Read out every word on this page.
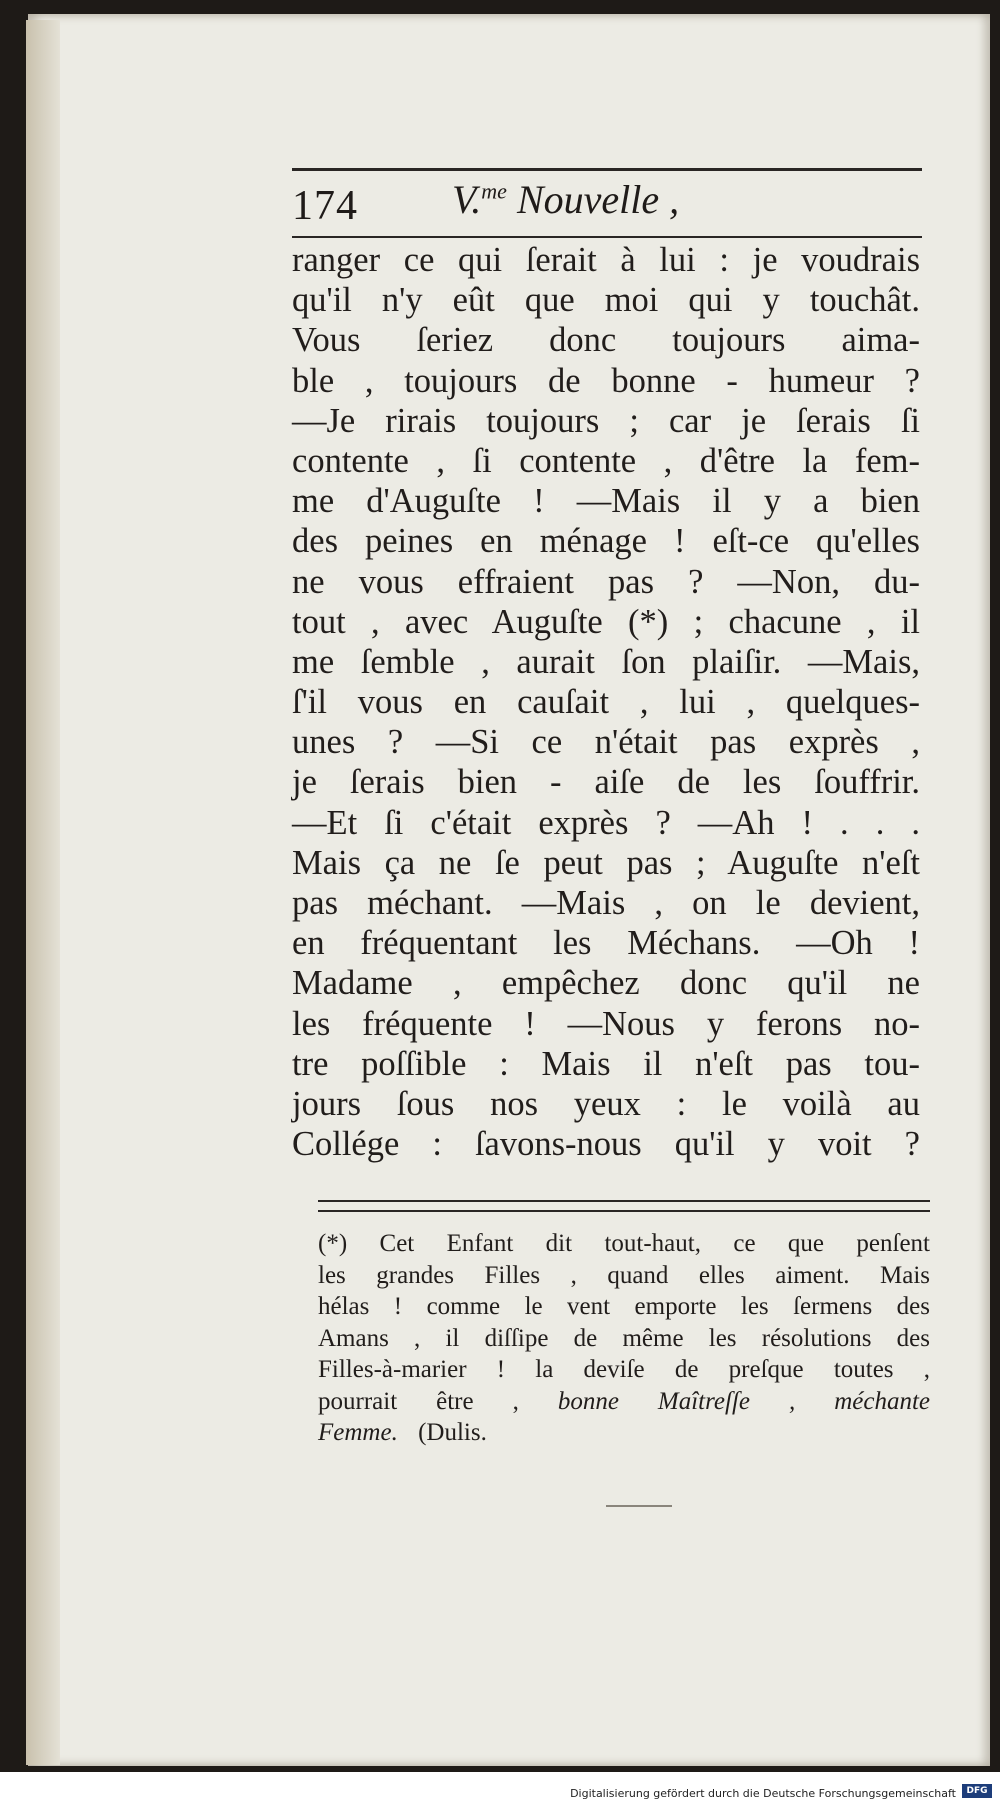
174 V.$^{me}$ Nouvelle ,
ranger ce qui ſerait à lui : je voudrais
qu'il n'y eût que moi qui y touchât.
Vous ſeriez donc toujours aima-
ble , toujours de bonne - humeur ?
—Je rirais toujours ; car je ſerais ſi
contente , ſi contente , d'être la fem-
me d'Auguſte ! —Mais il y a bien
des peines en ménage ! eſt-ce qu'elles
ne vous effraient pas ? —Non, du-
tout , avec Auguſte (*) ; chacune , il
me ſemble , aurait ſon plaiſir. —Mais,
ſ'il vous en cauſait , lui , quelques-
unes ? —Si ce n'était pas exprès ,
je ſerais bien - aiſe de les ſouffrir.
—Et ſi c'était exprès ? —Ah ! . . .
Mais ça ne ſe peut pas ; Auguſte n'eſt
pas méchant. —Mais , on le devient,
en fréquentant les Méchans. —Oh !
Madame , empêchez donc qu'il ne
les fréquente ! —Nous y ferons no-
tre poſſible : Mais il n'eſt pas tou-
jours ſous nos yeux : le voilà au
Collége : ſavons-nous qu'il y voit ?
(*) Cet Enfant dit tout-haut, ce que penſent
les grandes Filles , quand elles aiment. Mais
hélas ! comme le vent emporte les ſermens des
Amans , il diſſipe de même les résolutions des
Filles-à-marier ! la deviſe de preſque toutes ,
pourrait être , bonne Maîtreſſe , méchante
Femme. (Dulis.
Digitalisierung gefördert durch die Deutsche Forschungsgemeinschaft	DFG
